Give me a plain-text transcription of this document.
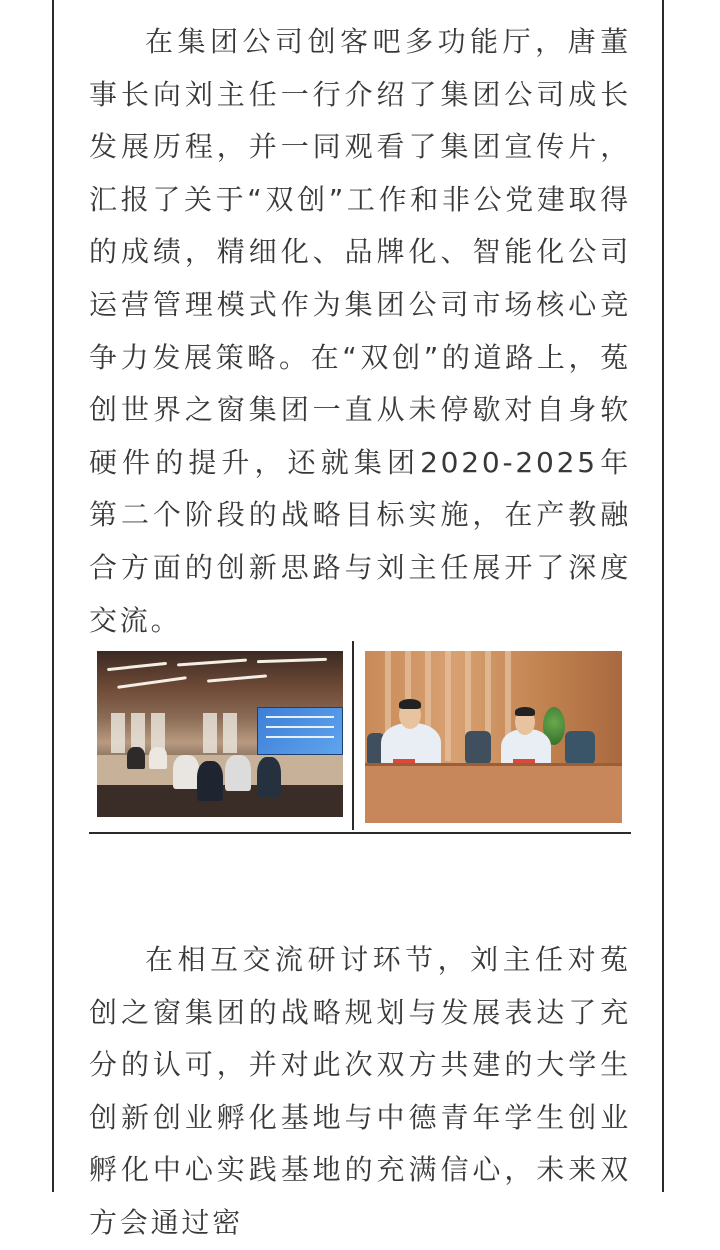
在集团公司创客吧多功能厅，唐董事长向刘主任一行介绍了集团公司成长发展历程，并一同观看了集团宣传片，汇报了关于“双创”工作和非公党建取得的成绩，精细化、品牌化、智能化公司运营管理模式作为集团公司市场核心竞争力发展策略。在“双创”的道路上，菟创世界之窗集团一直从未停歇对自身软硬件的提升，还就集团2020-2025年第二个阶段的战略目标实施，在产教融合方面的创新思路与刘主任展开了深度交流。

在相互交流研讨环节，刘主任对菟创之窗集团的战略规划与发展表达了充分的认可，并对此次双方共建的大学生创新创业孵化基地与中德青年学生创业孵化中心实践基地的充满信心，未来双方会通过密
